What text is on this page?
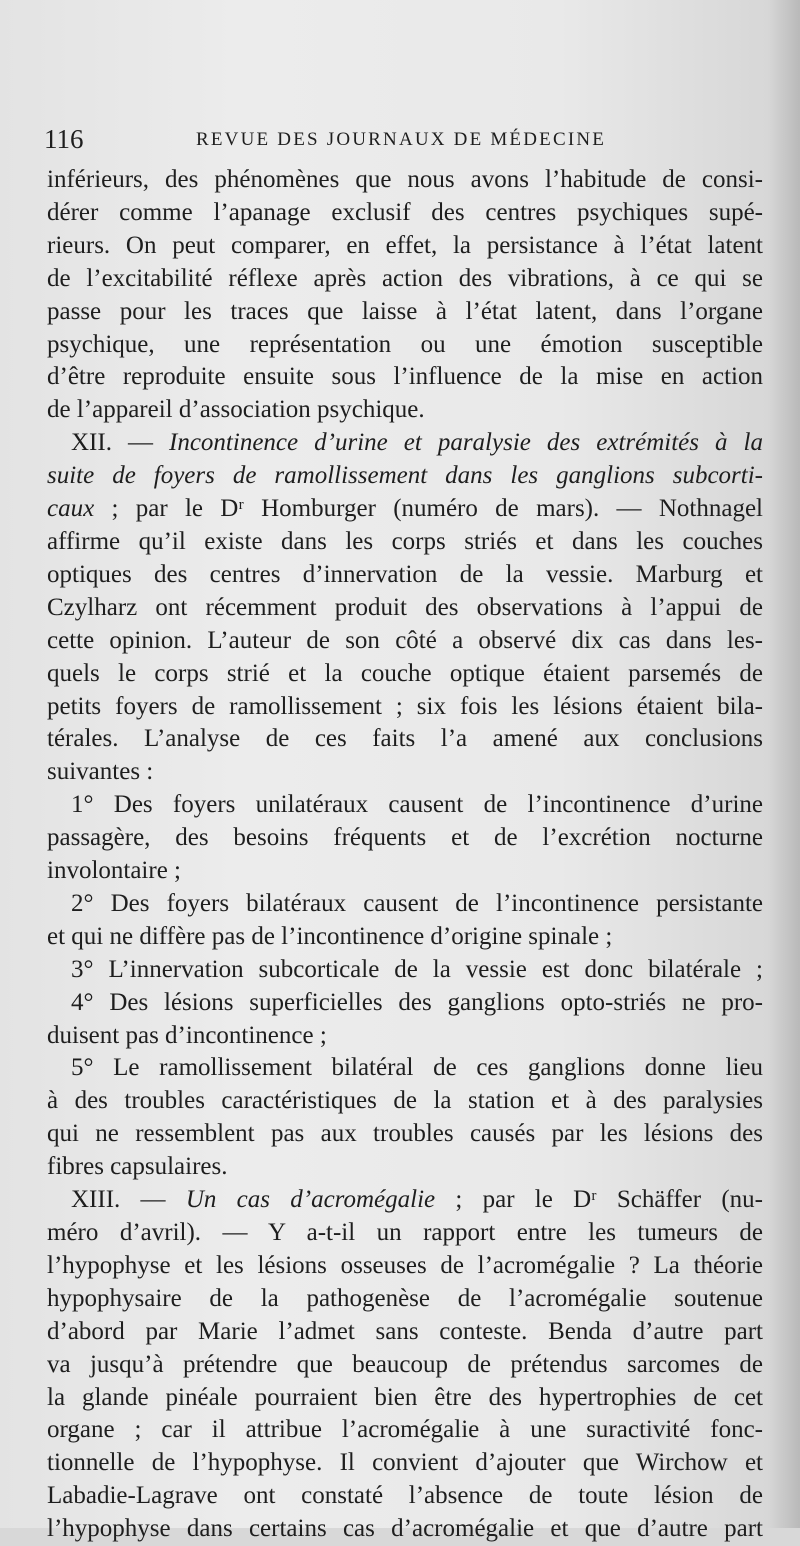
116	REVUE DES JOURNAUX DE MÉDECINE
inférieurs, des phénomènes que nous avons l’habitude de consi-
dérer comme l’apanage exclusif des centres psychiques supé-
rieurs. On peut comparer, en effet, la persistance à l’état latent
de l’excitabilité réflexe après action des vibrations, à ce qui se
passe pour les traces que laisse à l’état latent, dans l’organe
psychique, une représentation ou une émotion susceptible
d’être reproduite ensuite sous l’influence de la mise en action
de l’appareil d’association psychique.
XII. — Incontinence d’urine et paralysie des extrémités à la
suite de foyers de ramollissement dans les ganglions subcorti-
caux ; par le Dʳ Homburger (numéro de mars). — Nothnagel
affirme qu’il existe dans les corps striés et dans les couches
optiques des centres d’innervation de la vessie. Marburg et
Czylharz ont récemment produit des observations à l’appui de
cette opinion. L’auteur de son côté a observé dix cas dans les-
quels le corps strié et la couche optique étaient parsemés de
petits foyers de ramollissement ; six fois les lésions étaient bila-
térales. L’analyse de ces faits l’a amené aux conclusions
suivantes :
1° Des foyers unilatéraux causent de l’incontinence d’urine
passagère, des besoins fréquents et de l’excrétion nocturne
involontaire ;
2° Des foyers bilatéraux causent de l’incontinence persistante
et qui ne diffère pas de l’incontinence d’origine spinale ;
3° L’innervation subcorticale de la vessie est donc bilatérale ;
4° Des lésions superficielles des ganglions opto-striés ne pro-
duisent pas d’incontinence ;
5° Le ramollissement bilatéral de ces ganglions donne lieu
à des troubles caractéristiques de la station et à des paralysies
qui ne ressemblent pas aux troubles causés par les lésions des
fibres capsulaires.
XIII. — Un cas d’acromégalie ; par le Dʳ Schäffer (nu-
méro d’avril). — Y a-t-il un rapport entre les tumeurs de
l’hypophyse et les lésions osseuses de l’acromégalie ? La théorie
hypophysaire de la pathogenèse de l’acromégalie soutenue
d’abord par Marie l’admet sans conteste. Benda d’autre part
va jusqu’à prétendre que beaucoup de prétendus sarcomes de
la glande pinéale pourraient bien être des hypertrophies de cet
organe ; car il attribue l’acromégalie à une suractivité fonc-
tionnelle de l’hypophyse. Il convient d’ajouter que Wirchow et
Labadie-Lagrave ont constaté l’absence de toute lésion de
l’hypophyse dans certains cas d’acromégalie et que d’autre part
